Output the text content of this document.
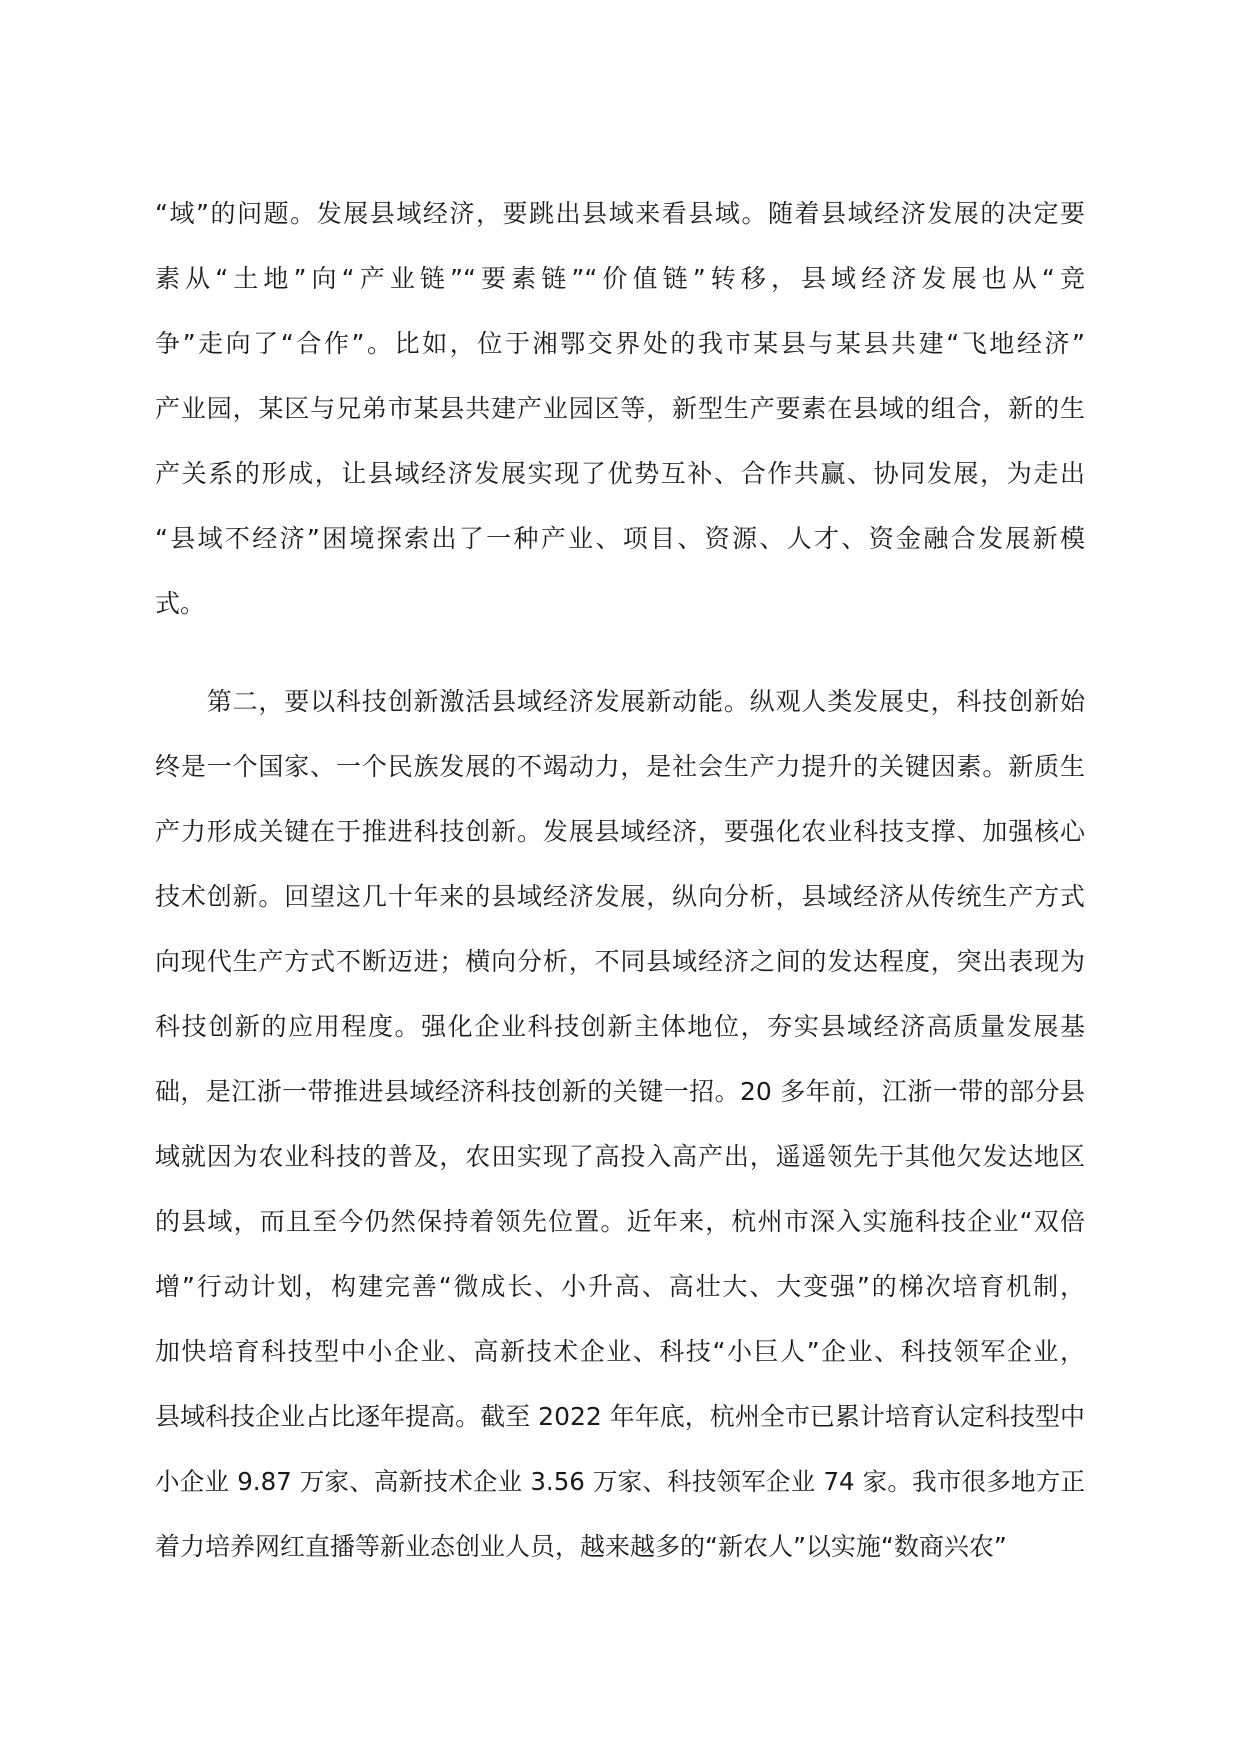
“域”的问题。发展县域经济，要跳出县域来看县域。随着县域经济发展的决定要
素从“土地”向“产业链”“要素链”“价值链”转移，县域经济发展也从“竞
争”走向了“合作”。比如，位于湘鄂交界处的我市某县与某县共建“飞地经济”
产业园，某区与兄弟市某县共建产业园区等，新型生产要素在县域的组合，新的生
产关系的形成，让县域经济发展实现了优势互补、合作共赢、协同发展，为走出
“县域不经济”困境探索出了一种产业、项目、资源、人才、资金融合发展新模
式。
　　第二，要以科技创新激活县域经济发展新动能。纵观人类发展史，科技创新始
终是一个国家、一个民族发展的不竭动力，是社会生产力提升的关键因素。新质生
产力形成关键在于推进科技创新。发展县域经济，要强化农业科技支撑、加强核心
技术创新。回望这几十年来的县域经济发展，纵向分析，县域经济从传统生产方式
向现代生产方式不断迈进；横向分析，不同县域经济之间的发达程度，突出表现为
科技创新的应用程度。强化企业科技创新主体地位，夯实县域经济高质量发展基
础，是江浙一带推进县域经济科技创新的关键一招。20 多年前，江浙一带的部分县
域就因为农业科技的普及，农田实现了高投入高产出，遥遥领先于其他欠发达地区
的县域，而且至今仍然保持着领先位置。近年来，杭州市深入实施科技企业“双倍
增”行动计划，构建完善“微成长、小升高、高壮大、大变强”的梯次培育机制，
加快培育科技型中小企业、高新技术企业、科技“小巨人”企业、科技领军企业，
县域科技企业占比逐年提高。截至 2022 年年底，杭州全市已累计培育认定科技型中
小企业 9.87 万家、高新技术企业 3.56 万家、科技领军企业 74 家。我市很多地方正
着力培养网红直播等新业态创业人员，越来越多的“新农人”以实施“数商兴农”
